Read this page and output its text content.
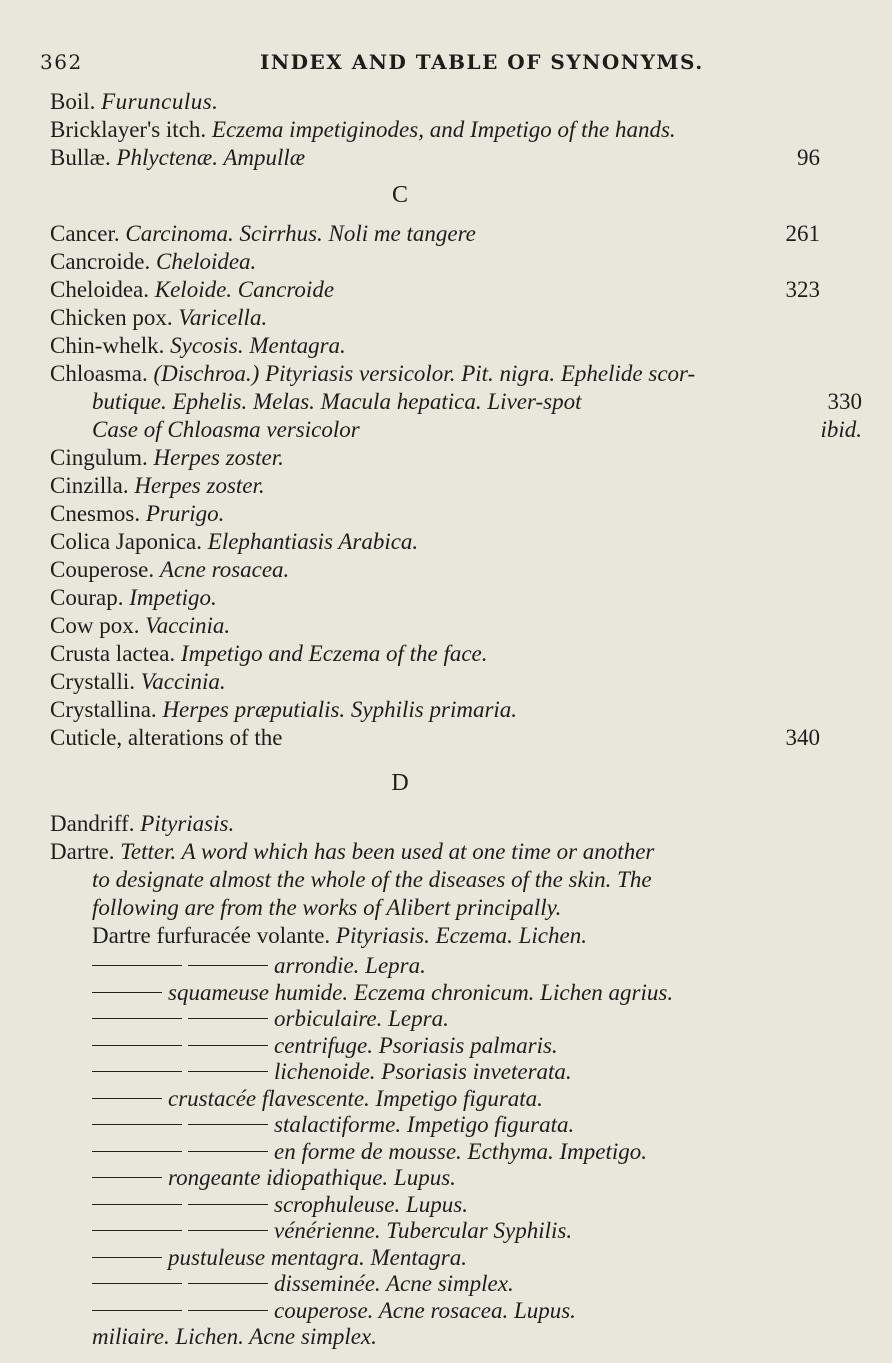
362	INDEX AND TABLE OF SYNONYMS.
Boil. Furunculus.
Bricklayer's itch. Eczema impetiginodes, and Impetigo of the hands.
Bullæ. Phlyctenæ. Ampullæ	96
C
Cancer. Carcinoma. Scirrhus. Noli me tangere	261
Cancroide. Cheloidea.
Cheloidea. Keloide. Cancroide	323
Chicken pox. Varicella.
Chin-whelk. Sycosis. Mentagra.
Chloasma. (Dischroa.) Pityriasis versicolor. Pit. nigra. Ephelide scor-
butique. Ephelis. Melas. Macula hepatica. Liver-spot	330
Case of Chloasma versicolor	ibid.
Cingulum. Herpes zoster.
Cinzilla. Herpes zoster.
Cnesmos. Prurigo.
Colica Japonica. Elephantiasis Arabica.
Couperose. Acne rosacea.
Courap. Impetigo.
Cow pox. Vaccinia.
Crusta lactea. Impetigo and Eczema of the face.
Crystalli. Vaccinia.
Crystallina. Herpes præputialis. Syphilis primaria.
Cuticle, alterations of the	340
D
Dandriff. Pityriasis.
Dartre. Tetter. A word which has been used at one time or another
to designate almost the whole of the diseases of the skin. The
following are from the works of Alibert principally.
Dartre furfuracée volante. Pityriasis. Eczema. Lichen.
arrondie. Lepra.
squameuse humide. Eczema chronicum. Lichen agrius.
orbiculaire. Lepra.
centrifuge. Psoriasis palmaris.
lichenoide. Psoriasis inveterata.
crustacée flavescente. Impetigo figurata.
stalactiforme. Impetigo figurata.
en forme de mousse. Ecthyma. Impetigo.
rongeante idiopathique. Lupus.
scrophuleuse. Lupus.
vénérienne. Tubercular Syphilis.
pustuleuse mentagra. Mentagra.
disseminée. Acne simplex.
couperose. Acne rosacea. Lupus.
miliaire. Lichen. Acne simplex.
